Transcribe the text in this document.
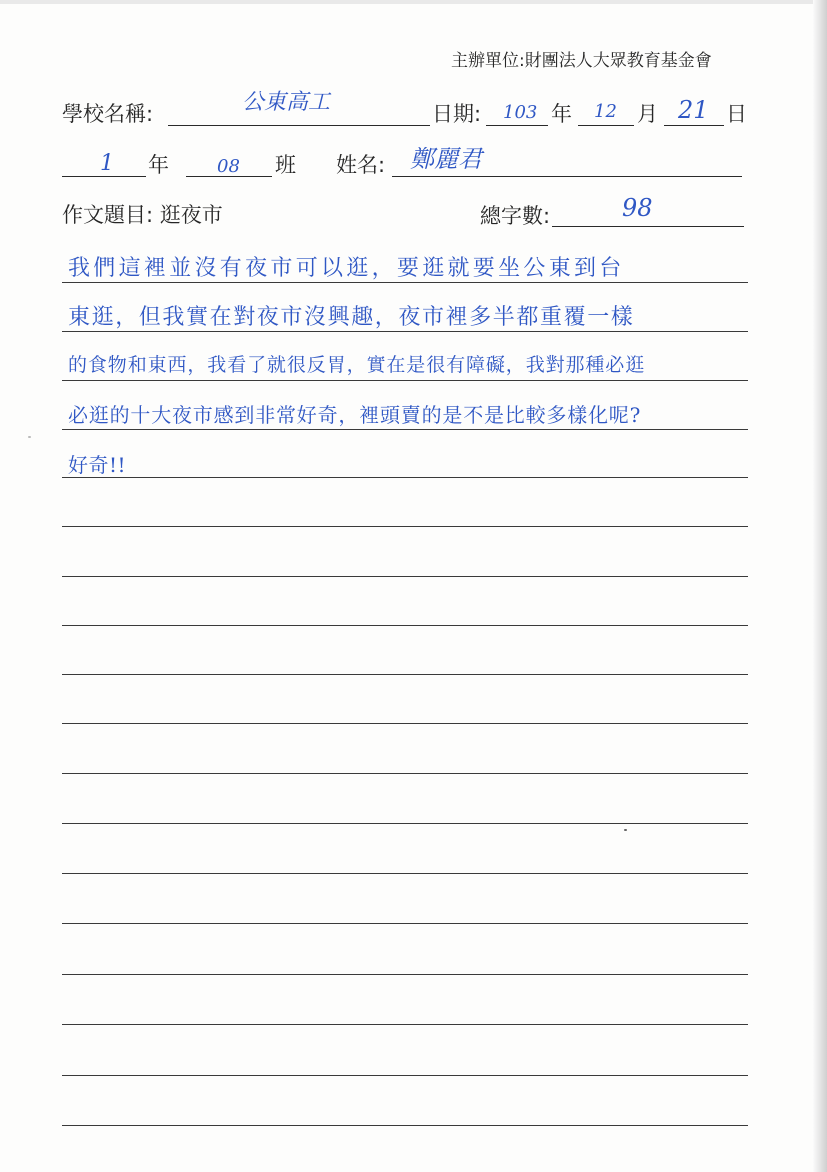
主辦單位:財團法人大眾教育基金會
學校名稱:	公東高工	日期: 103 年 12 月 21 日
1 年	08 班 姓名: 鄭麗君
作文題目: 逛夜市	總字數:	98
我們這裡並沒有夜市可以逛，要逛就要坐公東到台
東逛，但我實在對夜市沒興趣，夜市裡多半都重覆一樣
的食物和東西，我看了就很反胃，實在是很有障礙，我對那種必逛
必逛的十大夜市感到非常好奇，裡頭賣的是不是比較多樣化呢?
好奇!!
